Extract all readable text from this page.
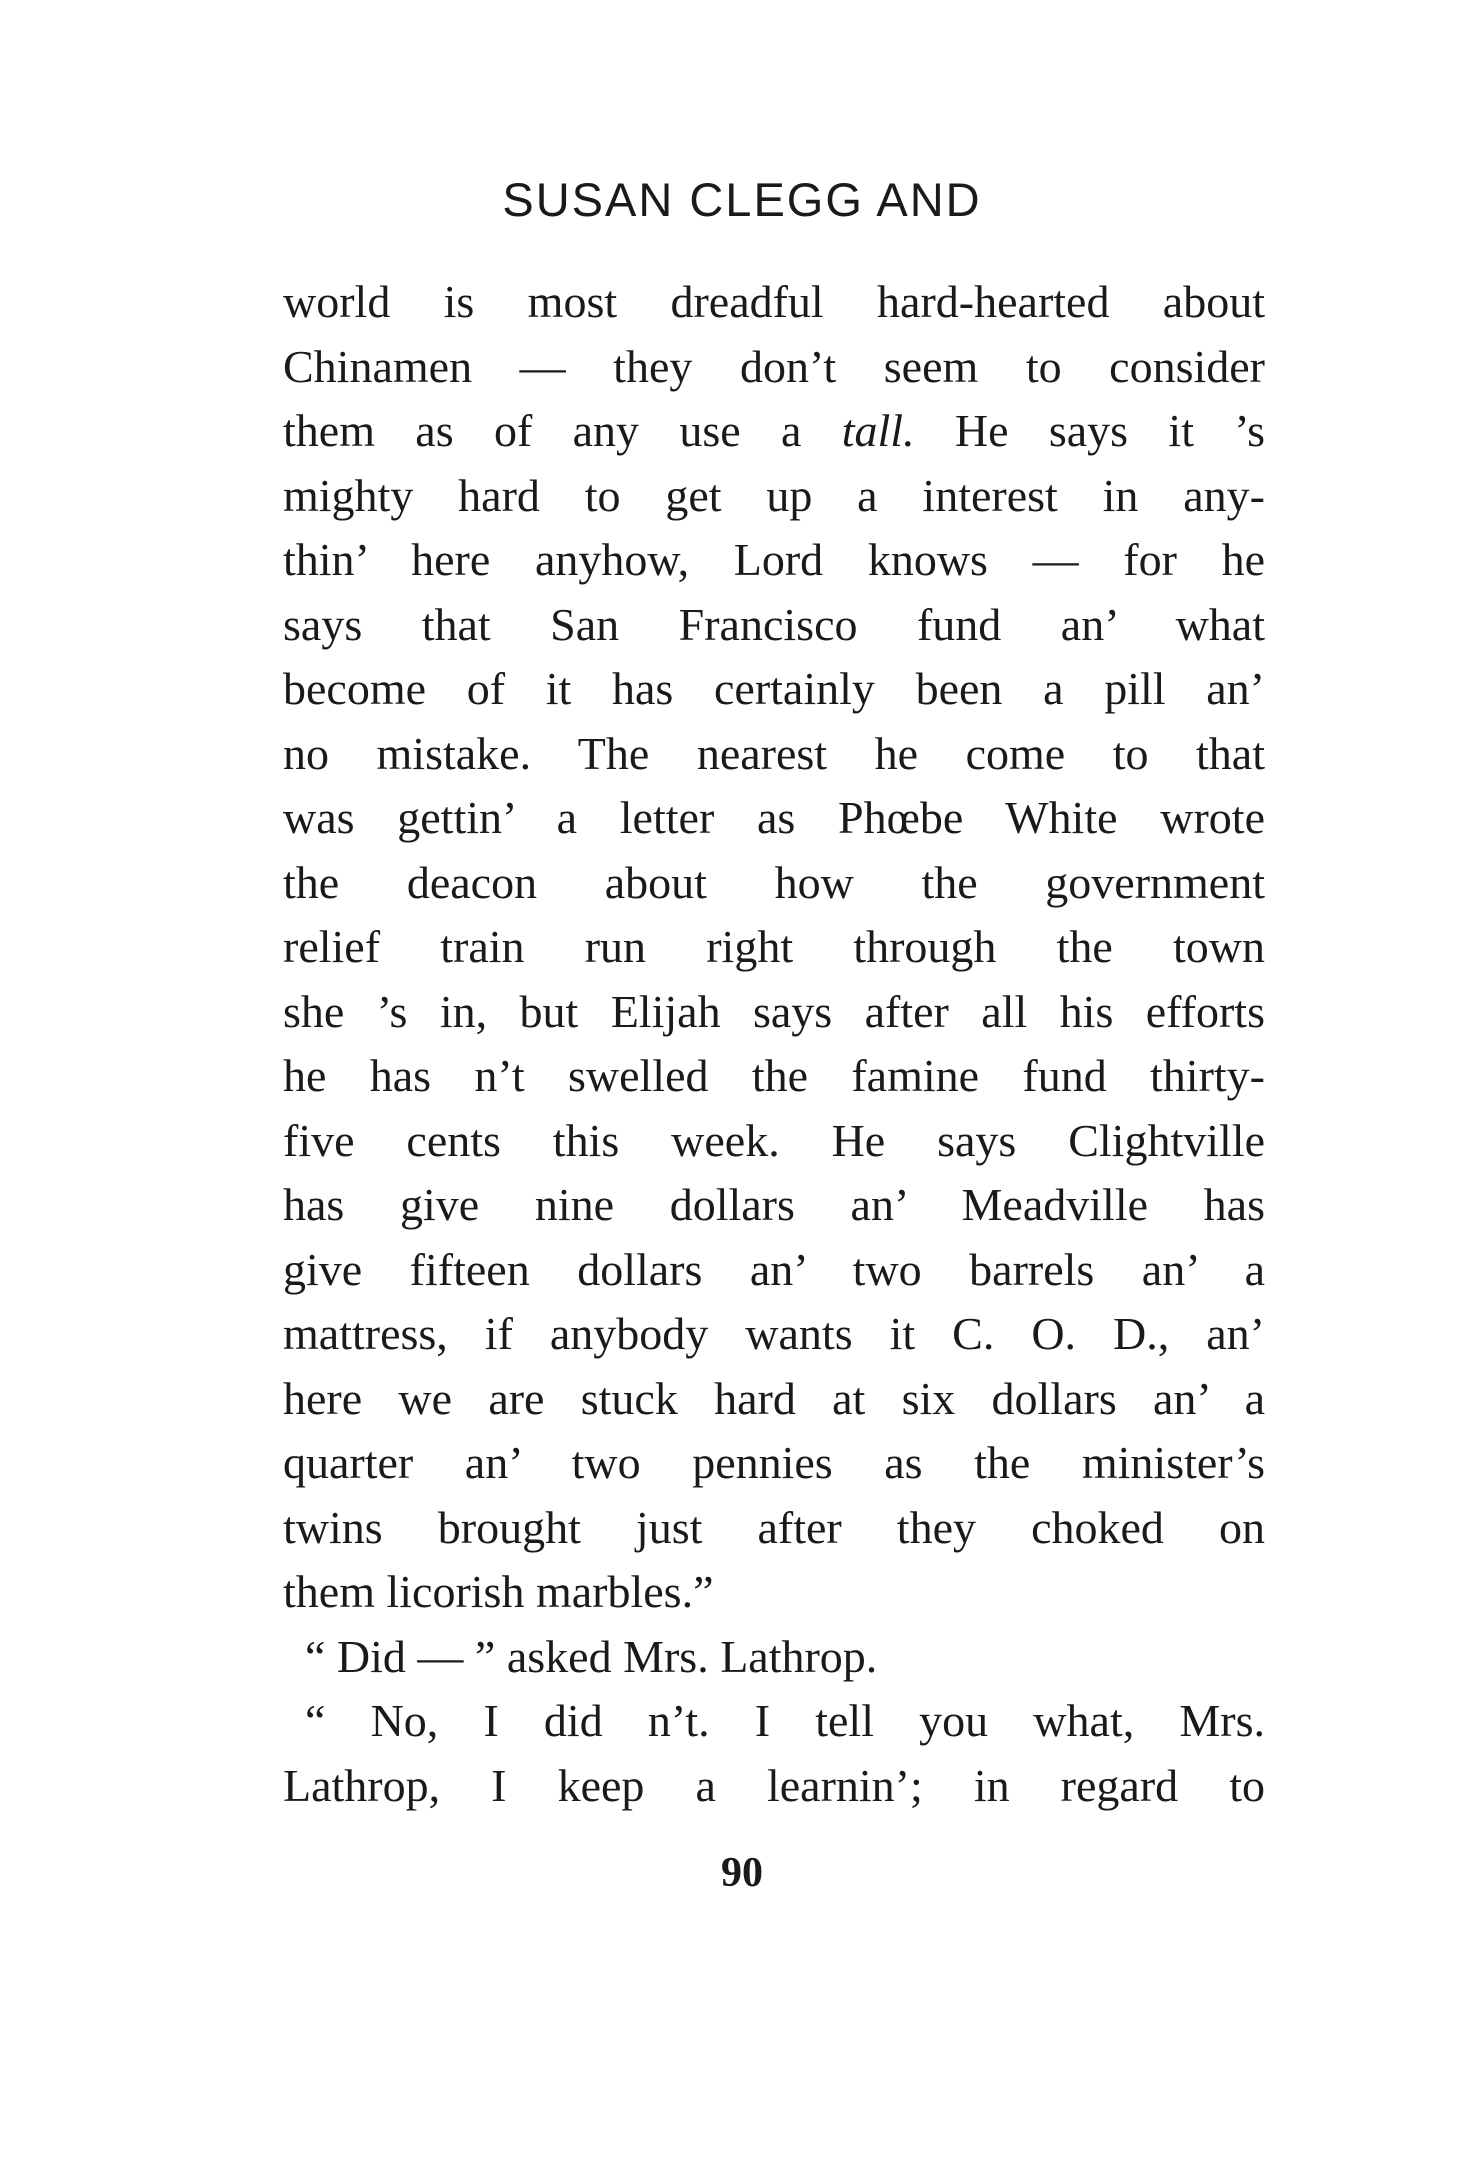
SUSAN CLEGG AND
world is most dreadful hard-hearted about
Chinamen — they don’t seem to consider
them as of any use a tall. He says it ’s
mighty hard to get up a interest in any-
thin’ here anyhow, Lord knows — for he
says that San Francisco fund an’ what
become of it has certainly been a pill an’
no mistake. The nearest he come to that
was gettin’ a letter as Phœbe White wrote
the deacon about how the government
relief train run right through the town
she ’s in, but Elijah says after all his efforts
he has n’t swelled the famine fund thirty-
five cents this week. He says Clightville
has give nine dollars an’ Meadville has
give fifteen dollars an’ two barrels an’ a
mattress, if anybody wants it C. O. D., an’
here we are stuck hard at six dollars an’ a
quarter an’ two pennies as the minister’s
twins brought just after they choked on
them licorish marbles.”
“ Did — ” asked Mrs. Lathrop.
“ No, I did n’t. I tell you what, Mrs.
Lathrop, I keep a learnin’; in regard to
90
